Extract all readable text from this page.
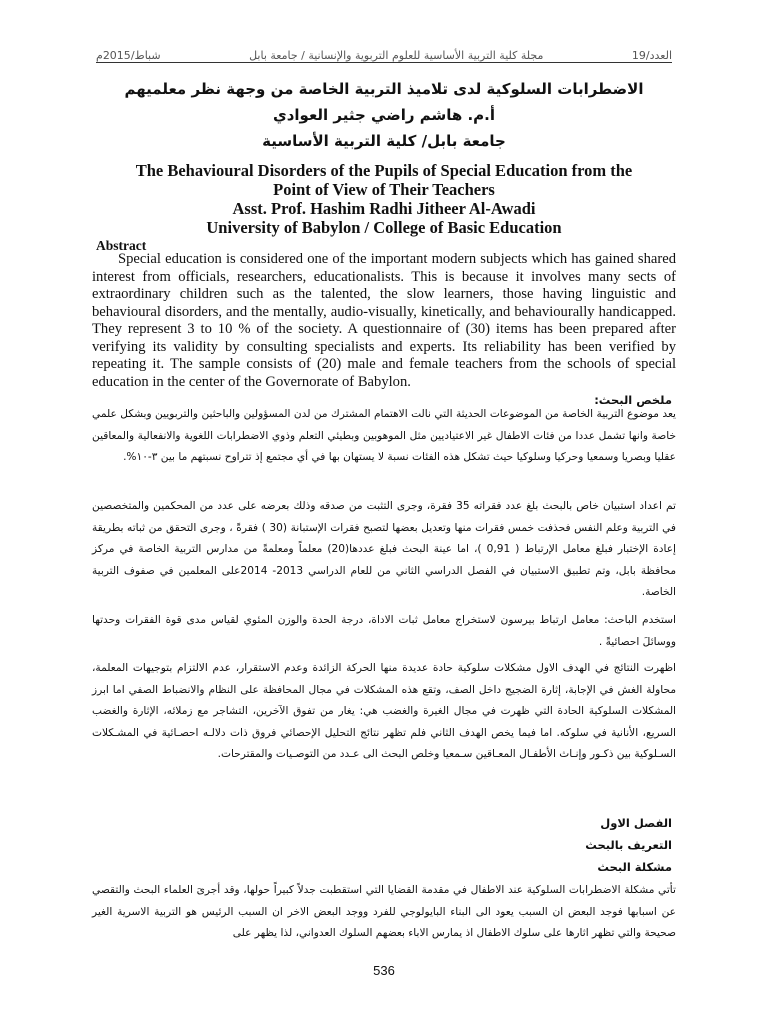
شباط/2015م	مجلة كلية التربية الأساسية للعلوم التربوية والإنسانية / جامعة بابل	العدد/19
الاضطرابات السلوكية لدى تلاميذ التربية الخاصة من وجهة نظر معلميهم
أ.م. هاشم راضي جثير العوادي
جامعة بابل/ كلية التربية الأساسية
The Behavioural Disorders of the Pupils of Special Education from the
Point of View of Their Teachers
Asst. Prof. Hashim Radhi Jitheer Al-Awadi
University of Babylon / College of Basic Education
Abstract

Special education is considered one of the important modern subjects which has gained shared interest from officials, researchers, educationalists. This is because it involves many sects of extraordinary children such as the talented, the slow learners, those having linguistic and behavioural disorders, and the mentally, audio-visually, kinetically, and behaviourally handicapped. They represent 3 to 10 % of the society. A questionnaire of (30) items has been prepared after verifying its validity by consulting specialists and experts. Its reliability has been verified by repeating it. The sample consists of (20) male and female teachers from the schools of special education in the center of the Governorate of Babylon.

ملخص البحث:

يعد موضوع التربية الخاصة من الموضوعات الحديثة التي نالت الاهتمام المشترك من لدن المسؤولين والباحثين والتربويين وبشكل علمي خاصة وانها تشمل عددا من فئات الاطفال غير الاعتياديين مثل الموهوبين وبطيئي التعلم وذوي الاضطرابات اللغوية والانفعالية والمعاقين عقليا وبصريا وسمعيا وحركيا وسلوكيا حيث تشكل هذه الفئات نسبة لا يستهان بها في أي مجتمع إذ تتراوح نسبتهم ما بين ٣-١٠%.

تم اعداد استبيان خاص بالبحث بلغ عدد فقراته 35 فقرة، وجرى التثبت من صدقه وذلك بعرضه على عدد من المحكمين والمتخصصين في التربية وعلم النفس فحذفت خمس فقرات منها وتعديل بعضها لتصبح فقرات الإستبانة (30 ) فقرةً ، وجرى التحقق من ثباته بطريقة إعادة الإختبار فبلغ معامل الإرتباط ( 0,91 )، اما عينة البحث فبلغ عددها(20) معلماً ومعلمةً من مدارس التربية الخاصة في مركز محافظة بابل، وتم تطبيق الاستبيان في الفصل الدراسي الثاني من للعام الدراسي 2013- 2014على المعلمين في صفوف التربية الخاصة.

استخدم الباحث: معامل ارتباط بيرسون لاستخراج معامل ثبات الاداة، درجة الحدة والوزن المئوي لقياس مدى قوة الفقرات وحدتها ووسائلَ احصائيةً .

اظهرت النتائج في الهدف الاول مشكلات سلوكية حادة عديدة منها الحركة الزائدة وعدم الاستقرار، عدم الالتزام بتوجيهات المعلمة، محاولة الغش في الإجابة، إثارة الضجيج داخل الصف، وتقع هذه المشكلات في مجال المحافظة على النظام والانضباط الصفي اما ابرز المشكلات السلوكية الحادة التي ظهرت في مجال الغيرة والغضب هي: يغار من تفوق الآخرين، التشاجر مع زملائه، الإثارة والغضب السريع، الأنانية في سلوكه. اما فيما يخص الهدف الثاني فلم تظهر نتائج التحليل الإحصائي فروق ذات دلالـه احصـائية في المشـكلات السـلوكية بين ذكـور وإنـاث الأطفـال المعـاقين سـمعيا وخلص البحث الى عـدد من التوصـيات والمقترحات.

الفصل الاول
التعريف بالبحث
مشكلة البحث

تأتي مشكلة الاضطرابات السلوكية عند الاطفال في مقدمة القضايا التي استقطبت جدلاً كبيراً حولها، وقد أجرىَ العلماء البحث والتقصي عن اسبابها فوجد البعض ان السبب يعود الى البناء البايولوجي للفرد ووجد البعض الاخر ان السبب الرئيس هو التربية الاسرية الغير صحيحة والتي تظهر اثارها على سلوك الاطفال اذ يمارس الاباء بعضهم السلوك العدواني، لذا يظهر على

536
